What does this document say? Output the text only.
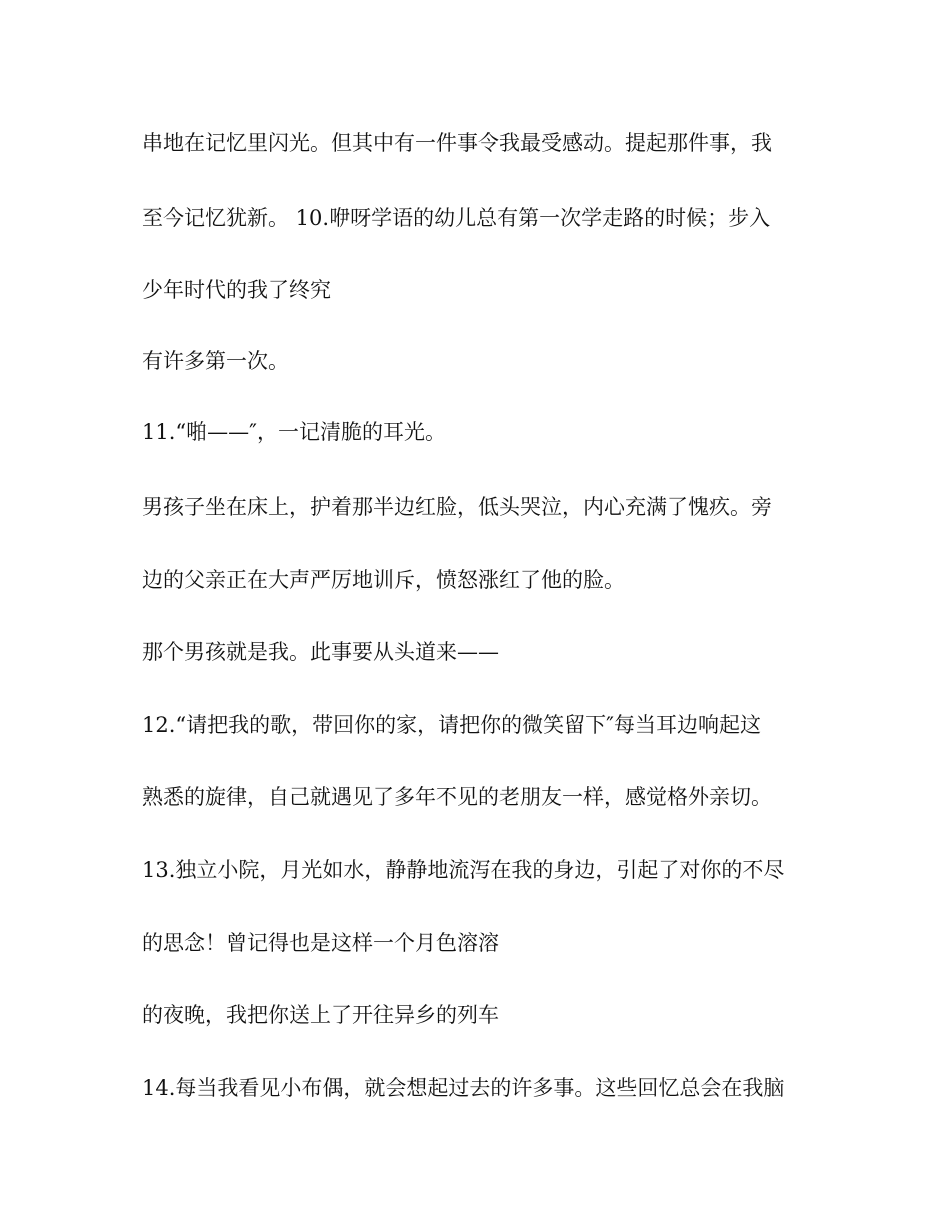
串地在记忆里闪光。但其中有一件事令我最受感动。提起那件事，我
至今记忆犹新。 10.咿呀学语的幼儿总有第一次学走路的时候；步入
少年时代的我了终究
有许多第一次。
11.“啪——″，一记清脆的耳光。
男孩子坐在床上，护着那半边红脸，低头哭泣，内心充满了愧疚。旁
边的父亲正在大声严厉地训斥，愤怒涨红了他的脸。
那个男孩就是我。此事要从头道来——
12.“请把我的歌，带回你的家，请把你的微笑留下″每当耳边响起这
熟悉的旋律，自己就遇见了多年不见的老朋友一样，感觉格外亲切。
13.独立小院，月光如水，静静地流泻在我的身边，引起了对你的不尽
的思念！曾记得也是这样一个月色溶溶
的夜晚，我把你送上了开往异乡的列车
14.每当我看见小布偶，就会想起过去的许多事。这些回忆总会在我脑
